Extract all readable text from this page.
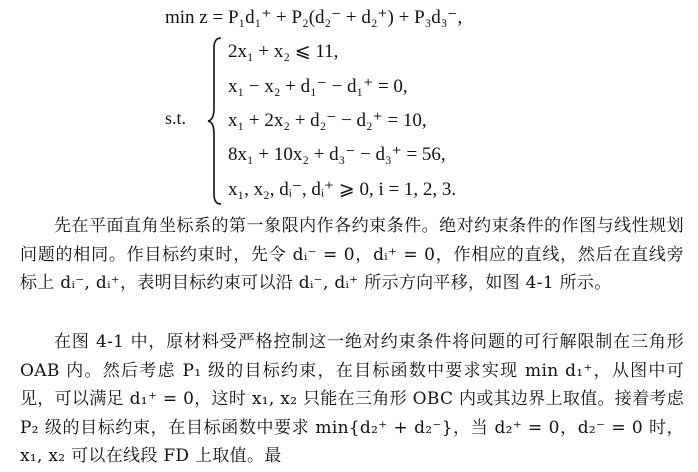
min z = P₁d₁⁺ + P₂(d₂⁻ + d₂⁺) + P₃d₃⁻,
s.t.
2x₁ + x₂ ⩽ 11,
x₁ − x₂ + d₁⁻ − d₁⁺ = 0,
x₁ + 2x₂ + d₂⁻ − d₂⁺ = 10,
8x₁ + 10x₂ + d₃⁻ − d₃⁺ = 56,
x₁, x₂, dᵢ⁻, dᵢ⁺ ⩾ 0, i = 1, 2, 3.

先在平面直角坐标系的第一象限内作各约束条件。绝对约束条件的作图与线性规划问题的相同。作目标约束时，先令 dᵢ⁻ = 0，dᵢ⁺ = 0，作相应的直线，然后在直线旁标上 dᵢ⁻, dᵢ⁺，表明目标约束可以沿 dᵢ⁻, dᵢ⁺ 所示方向平移，如图 4-1 所示。

在图 4-1 中，原材料受严格控制这一绝对约束条件将问题的可行解限制在三角形 OAB 内。然后考虑 P₁ 级的目标约束，在目标函数中要求实现 min d₁⁺，从图中可见，可以满足 d₁⁺ = 0，这时 x₁, x₂ 只能在三角形 OBC 内或其边界上取值。接着考虑 P₂ 级的目标约束，在目标函数中要求 min{d₂⁺ + d₂⁻}，当 d₂⁺ = 0，d₂⁻ = 0 时，x₁, x₂ 可以在线段 FD 上取值。最
